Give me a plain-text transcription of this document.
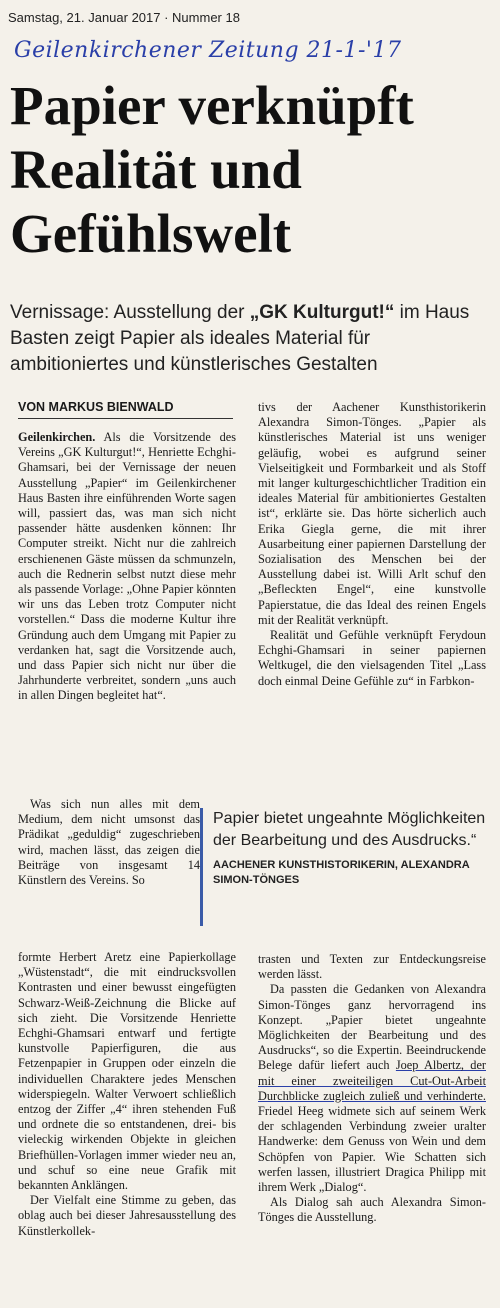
Samstag, 21. Januar 2017 · Nummer 18
Geilenkirchener Zeitung 21-1-'17
Papier verknüpft
Realität und
Gefühlswelt

Vernissage: Ausstellung der „GK Kulturgut!“ im Haus Basten zeigt Papier als ideales Material für ambitioniertes und künstlerisches Gestalten

VON MARKUS BIENWALD

Geilenkirchen. Als die Vorsitzende des Vereins „GK Kulturgut!“, Henriette Echghi-Ghamsari, bei der Vernissage der neuen Ausstellung „Papier“ im Geilenkirchener Haus Basten ihre einführenden Worte sagen will, passiert das, was man sich nicht passender hätte ausdenken können: Ihr Computer streikt. Nicht nur die zahlreich erschienenen Gäste müssen da schmunzeln, auch die Rednerin selbst nutzt diese mehr als passende Vorlage: „Ohne Papier könnten wir uns das Leben trotz Computer nicht vorstellen.“ Dass die moderne Kultur ihre Gründung auch dem Umgang mit Papier zu verdanken hat, sagt die Vorsitzende auch, und dass Papier sich nicht nur über die Jahrhunderte verbreitet, sondern „uns auch in allen Dingen begleitet hat“.

Was sich nun alles mit dem Medium, dem nicht umsonst das Prädikat „geduldig“ zugeschrieben wird, machen lässt, das zeigen die Beiträge von insgesamt 14 Künstlern des Vereins. So

formte Herbert Aretz eine Papierkollage „Wüstenstadt“, die mit eindrucksvollen Kontrasten und einer bewusst eingefügten Schwarz-Weiß-Zeichnung die Blicke auf sich zieht. Die Vorsitzende Henriette Echghi-Ghamsari entwarf und fertigte kunstvolle Papierfiguren, die aus Fetzenpapier in Gruppen oder einzeln die individuellen Charaktere jedes Menschen widerspiegeln. Walter Verwoert schließlich entzog der Ziffer „4“ ihren stehenden Fuß und ordnete die so entstandenen, drei- bis vieleckig wirkenden Objekte in gleichen Briefhüllen-Vorlagen immer wieder neu an, und schuf so eine neue Grafik mit bekannten Anklängen.

Der Vielfalt eine Stimme zu geben, das oblag auch bei dieser Jahresausstellung des Künstlerkollek-

tivs der Aachener Kunsthistorikerin Alexandra Simon-Tönges. „Papier als künstlerisches Material ist uns weniger geläufig, wobei es aufgrund seiner Vielseitigkeit und Formbarkeit und als Stoff mit langer kulturgeschichtlicher Tradition ein ideales Material für ambitioniertes Gestalten ist“, erklärte sie. Das hörte sicherlich auch Erika Giegla gerne, die mit ihrer Ausarbeitung einer papiernen Darstellung der Sozialisation des Menschen bei der Ausstellung dabei ist. Willi Arlt schuf den „Befleckten Engel“, eine kunstvolle Papierstatue, die das Ideal des reinen Engels mit der Realität verknüpft.

Realität und Gefühle verknüpft Ferydoun Echghi-Ghamsari in seiner papiernen Weltkugel, die den vielsagenden Titel „Lass doch einmal Deine Gefühle zu“ in Farbkon-

Papier bietet ungeahnte Möglichkeiten der Bearbeitung und des Ausdrucks.“
AACHENER KUNSTHISTORIKERIN, ALEXANDRA SIMON-TÖNGES

trasten und Texten zur Entdeckungsreise werden lässt.

Da passten die Gedanken von Alexandra Simon-Tönges ganz hervorragend ins Konzept. „Papier bietet ungeahnte Möglichkeiten der Bearbeitung und des Ausdrucks“, so die Expertin. Beeindruckende Belege dafür liefert auch Joep Albertz, der mit einer zweiteiligen Cut-Out-Arbeit Durchblicke zugleich zuließ und verhinderte. Friedel Heeg widmete sich auf seinem Werk der schlagenden Verbindung zweier uralter Handwerke: dem Genuss von Wein und dem Schöpfen von Papier. Wie Schatten sich werfen lassen, illustriert Dragica Philipp mit ihrem Werk „Dialog“.

Als Dialog sah auch Alexandra Simon-Tönges die Ausstellung.
